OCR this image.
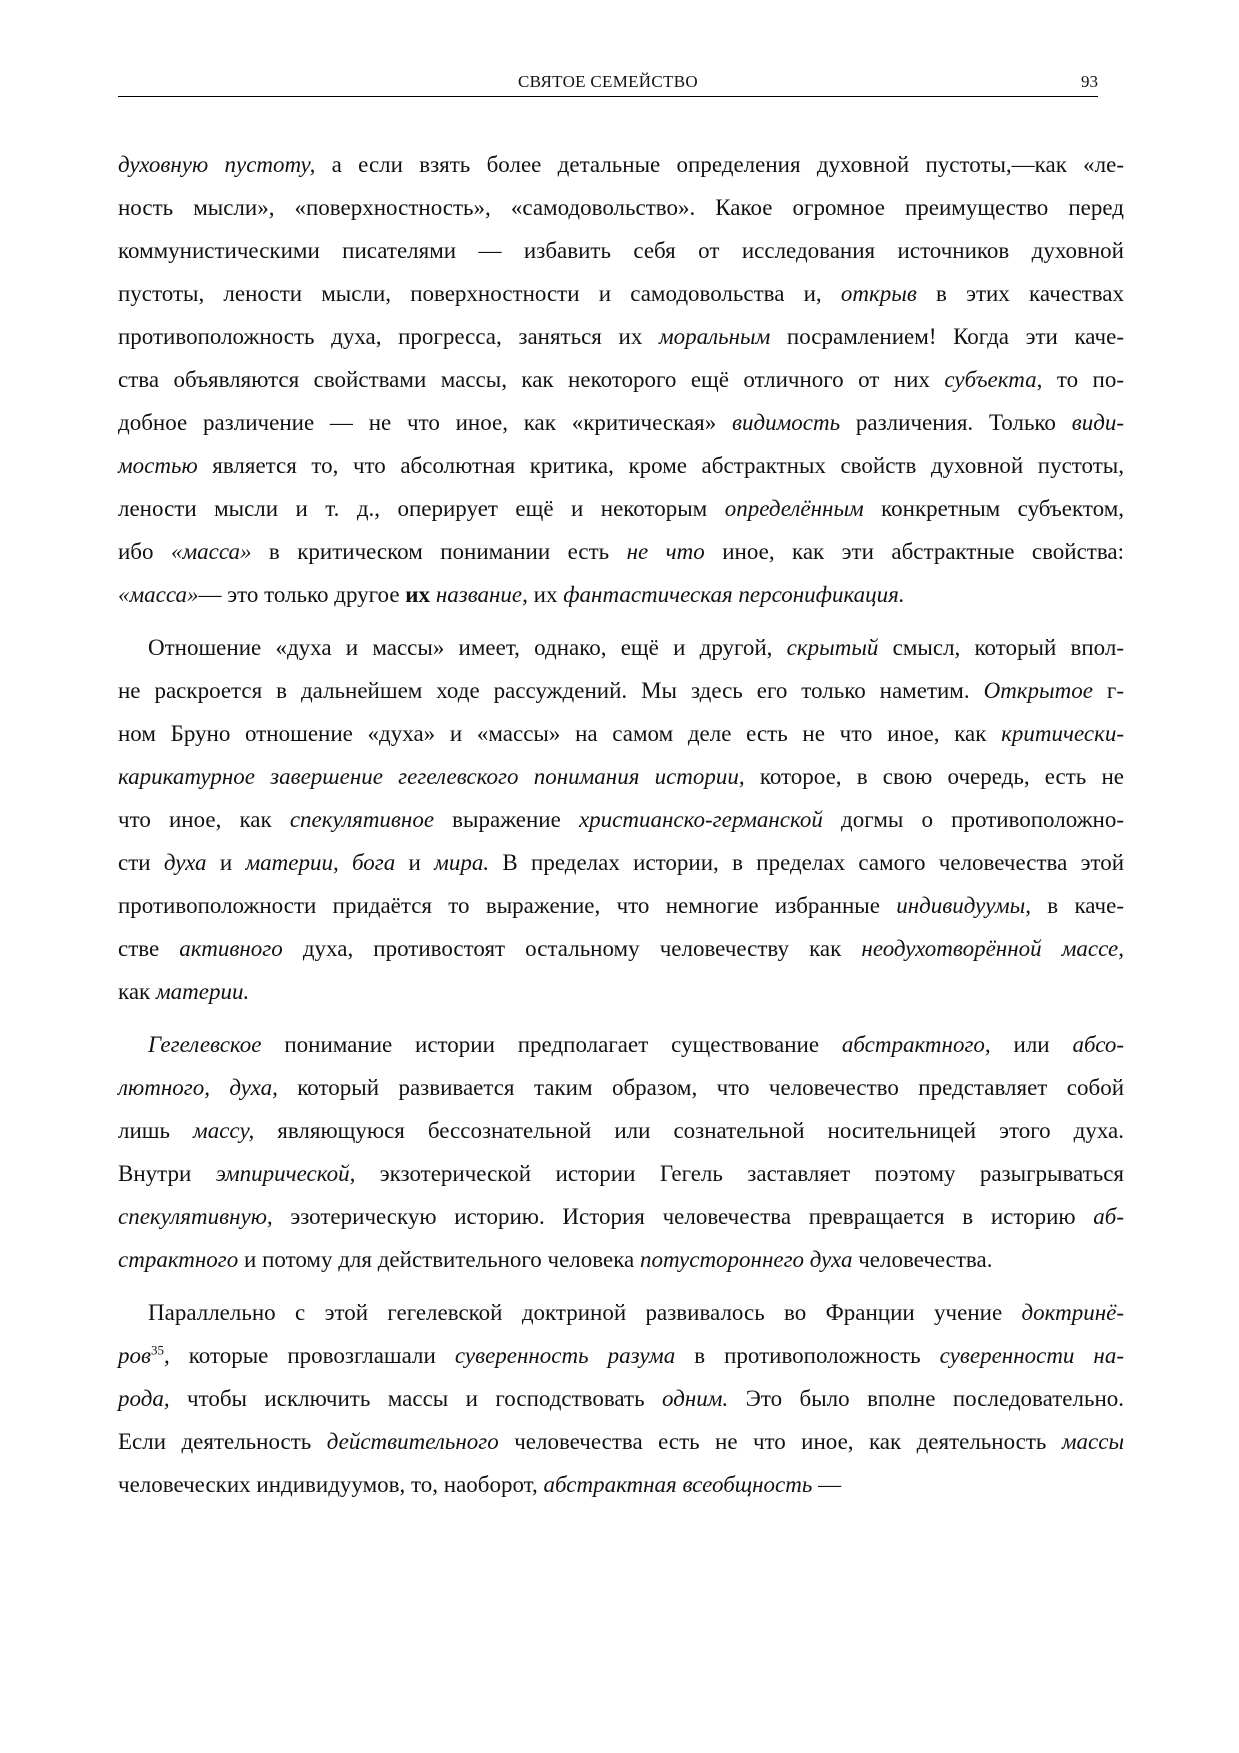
СВЯТОЕ СЕМЕЙСТВО	93
духовную пустоту, а если взять более детальные определения духовной пустоты,—как «ле-
ность мысли», «поверхностность», «самодовольство». Какое огромное преимущество перед
коммунистическими писателями — избавить себя от исследования источников духовной
пустоты, лености мысли, поверхностности и самодовольства и, открыв в этих качествах
противоположность духа, прогресса, заняться их моральным посрамлением! Когда эти каче-
ства объявляются свойствами массы, как некоторого ещё отличного от них субъекта, то по-
добное различение — не что иное, как «критическая» видимость различения. Только види-
мостью является то, что абсолютная критика, кроме абстрактных свойств духовной пустоты,
лености мысли и т. д., оперирует ещё и некоторым определённым конкретным субъектом,
ибо «масса» в критическом понимании есть не что иное, как эти абстрактные свойства:
«масса»— это только другое их название, их фантастическая персонификация.
Отношение «духа и массы» имеет, однако, ещё и другой, скрытый смысл, который впол-
не раскроется в дальнейшем ходе рассуждений. Мы здесь его только наметим. Открытое г-
ном Бруно отношение «духа» и «массы» на самом деле есть не что иное, как критически-
карикатурное завершение гегелевского понимания истории, которое, в свою очередь, есть не
что иное, как спекулятивное выражение христианско-германской догмы о противоположно-
сти духа и материи, бога и мира. В пределах истории, в пределах самого человечества этой
противоположности придаётся то выражение, что немногие избранные индивидуумы, в каче-
стве активного духа, противостоят остальному человечеству как неодухотворённой массе,
как материи.
Гегелевское понимание истории предполагает существование абстрактного, или абсо-
лютного, духа, который развивается таким образом, что человечество представляет собой
лишь массу, являющуюся бессознательной или сознательной носительницей этого духа.
Внутри эмпирической, экзотерической истории Гегель заставляет поэтому разыгрываться
спекулятивную, эзотерическую историю. История человечества превращается в историю аб-
страктного и потому для действительного человека потустороннего духа человечества.
Параллельно с этой гегелевской доктриной развивалось во Франции учение доктринё-
ров$^{35}$, которые провозглашали суверенность разума в противоположность суверенности на-
рода, чтобы исключить массы и господствовать одним. Это было вполне последовательно.
Если деятельность действительного человечества есть не что иное, как деятельность массы
человеческих индивидуумов, то, наоборот, абстрактная всеобщность —
